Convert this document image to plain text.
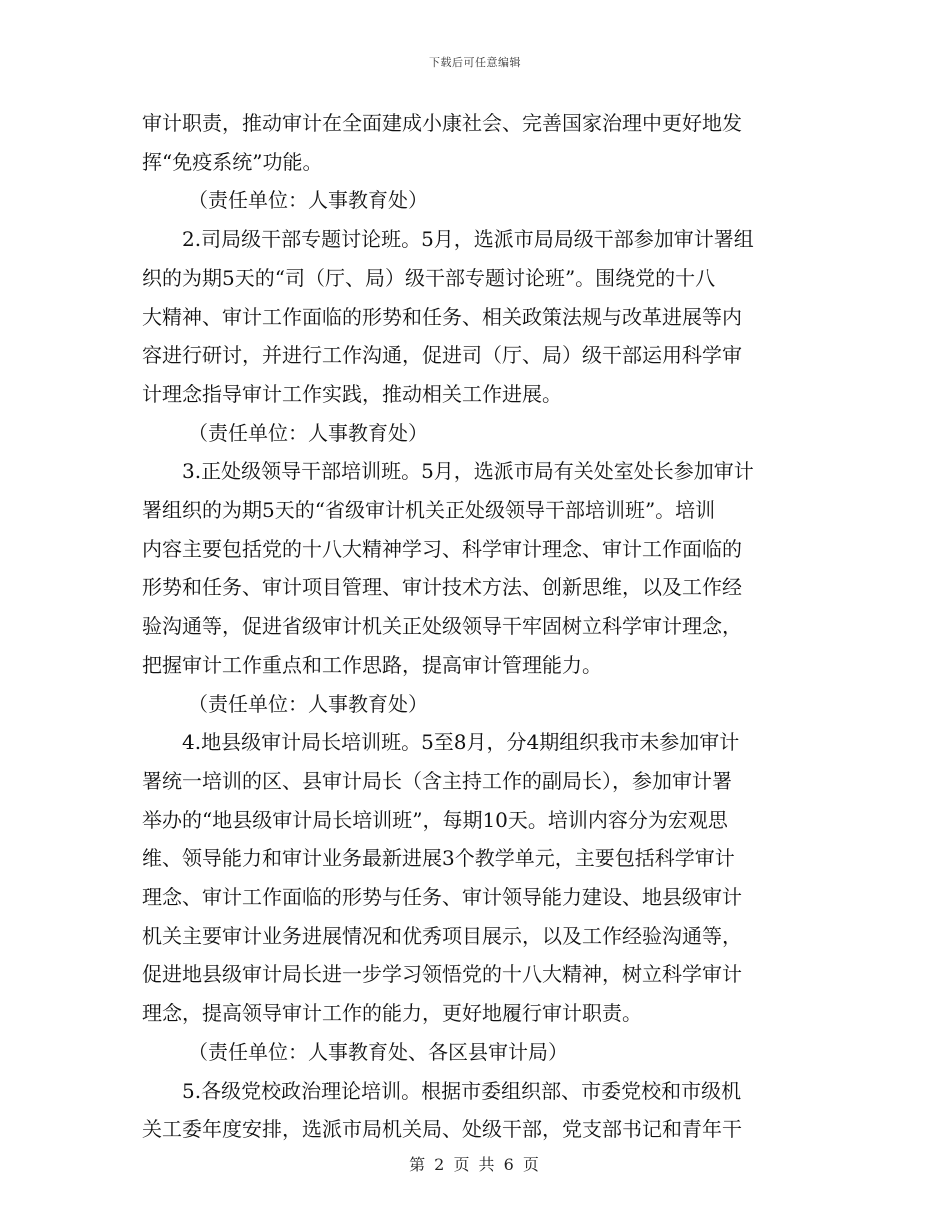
下载后可任意编辑
审计职责，推动审计在全面建成小康社会、完善国家治理中更好地发
挥“免疫系统”功能。
（责任单位：人事教育处）
2.司局级干部专题讨论班。5月，选派市局局级干部参加审计署组
织的为期5天的“司（厅、局）级干部专题讨论班”。围绕党的十八
大精神、审计工作面临的形势和任务、相关政策法规与改革进展等内
容进行研讨，并进行工作沟通，促进司（厅、局）级干部运用科学审
计理念指导审计工作实践，推动相关工作进展。
（责任单位：人事教育处）
3.正处级领导干部培训班。5月，选派市局有关处室处长参加审计
署组织的为期5天的“省级审计机关正处级领导干部培训班”。培训
内容主要包括党的十八大精神学习、科学审计理念、审计工作面临的
形势和任务、审计项目管理、审计技术方法、创新思维，以及工作经
验沟通等，促进省级审计机关正处级领导干牢固树立科学审计理念，
把握审计工作重点和工作思路，提高审计管理能力。
（责任单位：人事教育处）
4.地县级审计局长培训班。5至8月，分4期组织我市未参加审计
署统一培训的区、县审计局长（含主持工作的副局长），参加审计署
举办的“地县级审计局长培训班”，每期10天。培训内容分为宏观思
维、领导能力和审计业务最新进展3个教学单元，主要包括科学审计
理念、审计工作面临的形势与任务、审计领导能力建设、地县级审计
机关主要审计业务进展情况和优秀项目展示，以及工作经验沟通等，
促进地县级审计局长进一步学习领悟党的十八大精神，树立科学审计
理念，提高领导审计工作的能力，更好地履行审计职责。
（责任单位：人事教育处、各区县审计局）
5.各级党校政治理论培训。根据市委组织部、市委党校和市级机
关工委年度安排，选派市局机关局、处级干部，党支部书记和青年干
第 2 页 共 6 页
